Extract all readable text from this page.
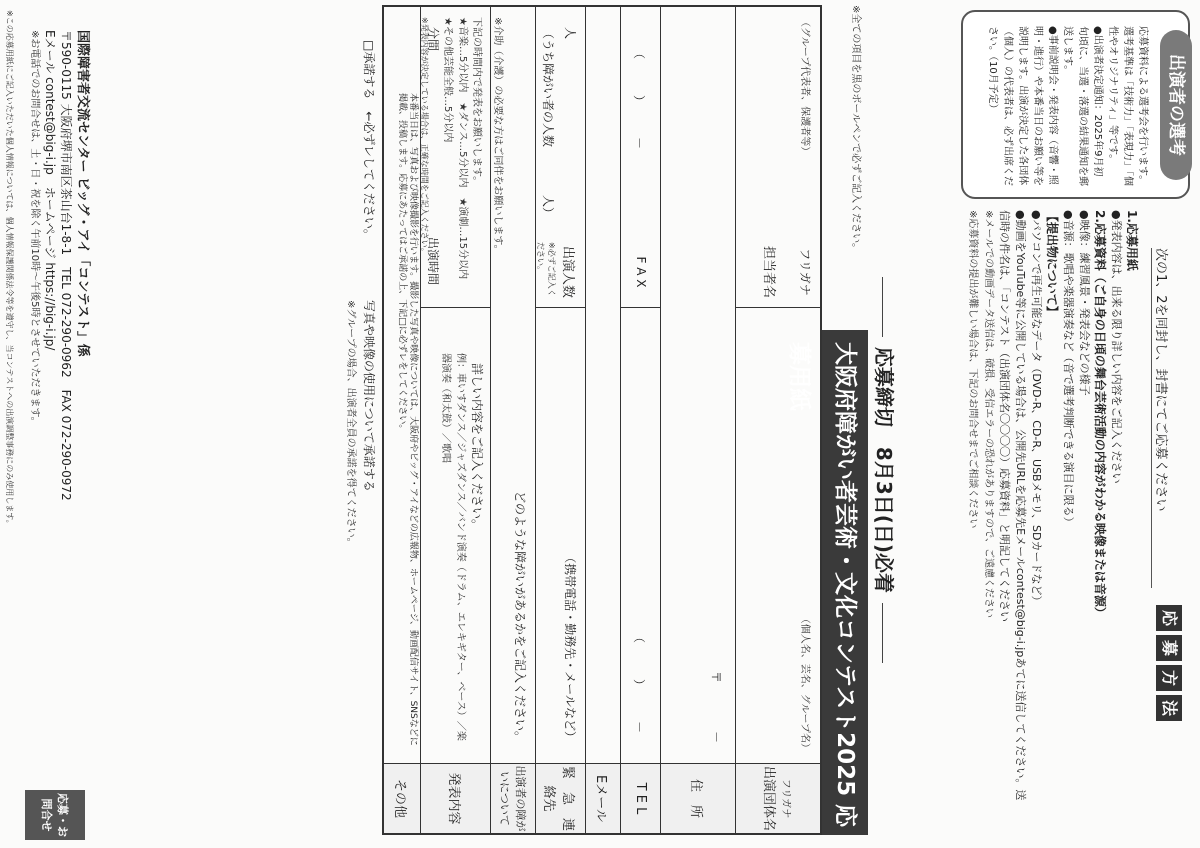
出演者の選考
応募資料による選考会を行います。
選考基準は「技術力」「表現力」「個性やオリジナリティ」等です。
●出演者決定通知：2025年9月初旬頃に、当選・落選の結果通知を郵送します。
●事前説明会・発表内容（音響・照明・進行）や本番当日のお願い等を説明します。出演が決定した各団体（個人）の代表者は、必ず出席ください。（10月予定）
応
募
方
法
次の1、2を同封し、封書にてご応募ください
1.応募用紙
●発表内容は、出来る限り詳しい内容をご記入ください
2.応募資料（ご自身の日頃の舞台芸術活動の内容がわかる映像または音源）
●映像：練習風景・発表会などの様子
●音源：歌唱や楽器演奏など（音で選考判断できる演目に限る）
【提出物について】
●パソコンで再生可能なデータ（DVD-R、CD-R、USBメモリ、SDカードなど）
●動画をYouTube等に公開している場合は、公開先URLを応募先Eメールcontest@big-i.jpあてに送信してください。送信時の件名は、「コンテスト（出演団体名〇〇〇〇）応募資料」と明記してください
※メールでの動画データ送信は、破損、受信エラーの恐れがありますので、ご遠慮ください
※応募資料の提出が難しい場合は、下記のお問合せまでご相談ください
応募締切　8月3日(日)必着
※全ての項目を黒のボールペンで必ずご記入ください。
大阪府障がい者芸術・文化コンテスト2025 応募用紙
フリガナ
出演団体名
（個人名、芸名、グループ名）
フリガナ
担当者名
（グループ代表者、保護者等）
住　所
〒　　　　－
T E L
（　　　）　　　－
F A X
（　　　）　　　－
Eメール
緊　急　連絡先
（携帯電話・勤務先・メールなど）
出演人数
※必ずご記入ください。
人
（うち障がい者の人数　　　　人）
出演者の障がいについて
どのような障がいがあるかをご記入ください。
※介助（介護）の必要な方はご同伴をお願いします。
発表内容
詳しい内容をご記入ください。
例：車いすダンス／ジャズダンス／バンド演奏（ドラム、エレキギター、ベース）／楽器演奏（和太鼓）／歌唱
下記の時間内で発表をお願いします。
★音楽…5分以内　★ダンス…5分以内　★演劇…15分以内　★その他芸能全般…5分以内
出演時間
分間
※発表内容が決定している場合は、正確な時間をご記入ください。
その他
本番当日は、写真および映像撮影を行います。撮影した写真や映像については、大阪府やビッグ・アイなどの広報物、ホームページ、動画配信サイト、SNSなどに掲載、投稿します。応募にあたってはご承諾の上、下記□に必ずレをしてください。
写真や映像の使用について承諾する
□承諾する　←必ずレしてください。
※グループの場合、出演者全員の承諾を得てください。
応募・お問合せ
国際障害者交流センター ビッグ・アイ「コンテスト」係
〒590-0115 大阪府堺市南区茶山台1-8-1　TEL 072-290-0962　FAX 072-290-0972
Eメール contest@big-i.jp　ホームページ https://big-i.jp/
※お電話でのお問合せは、土・日・祝を除く午前10時〜午後5時とさせていただきます。
※この応募用紙にご記入いただいた個人情報については、個人情報保護関係法令等を遵守し、当コンテストへの出演調整事務にのみ使用します。
